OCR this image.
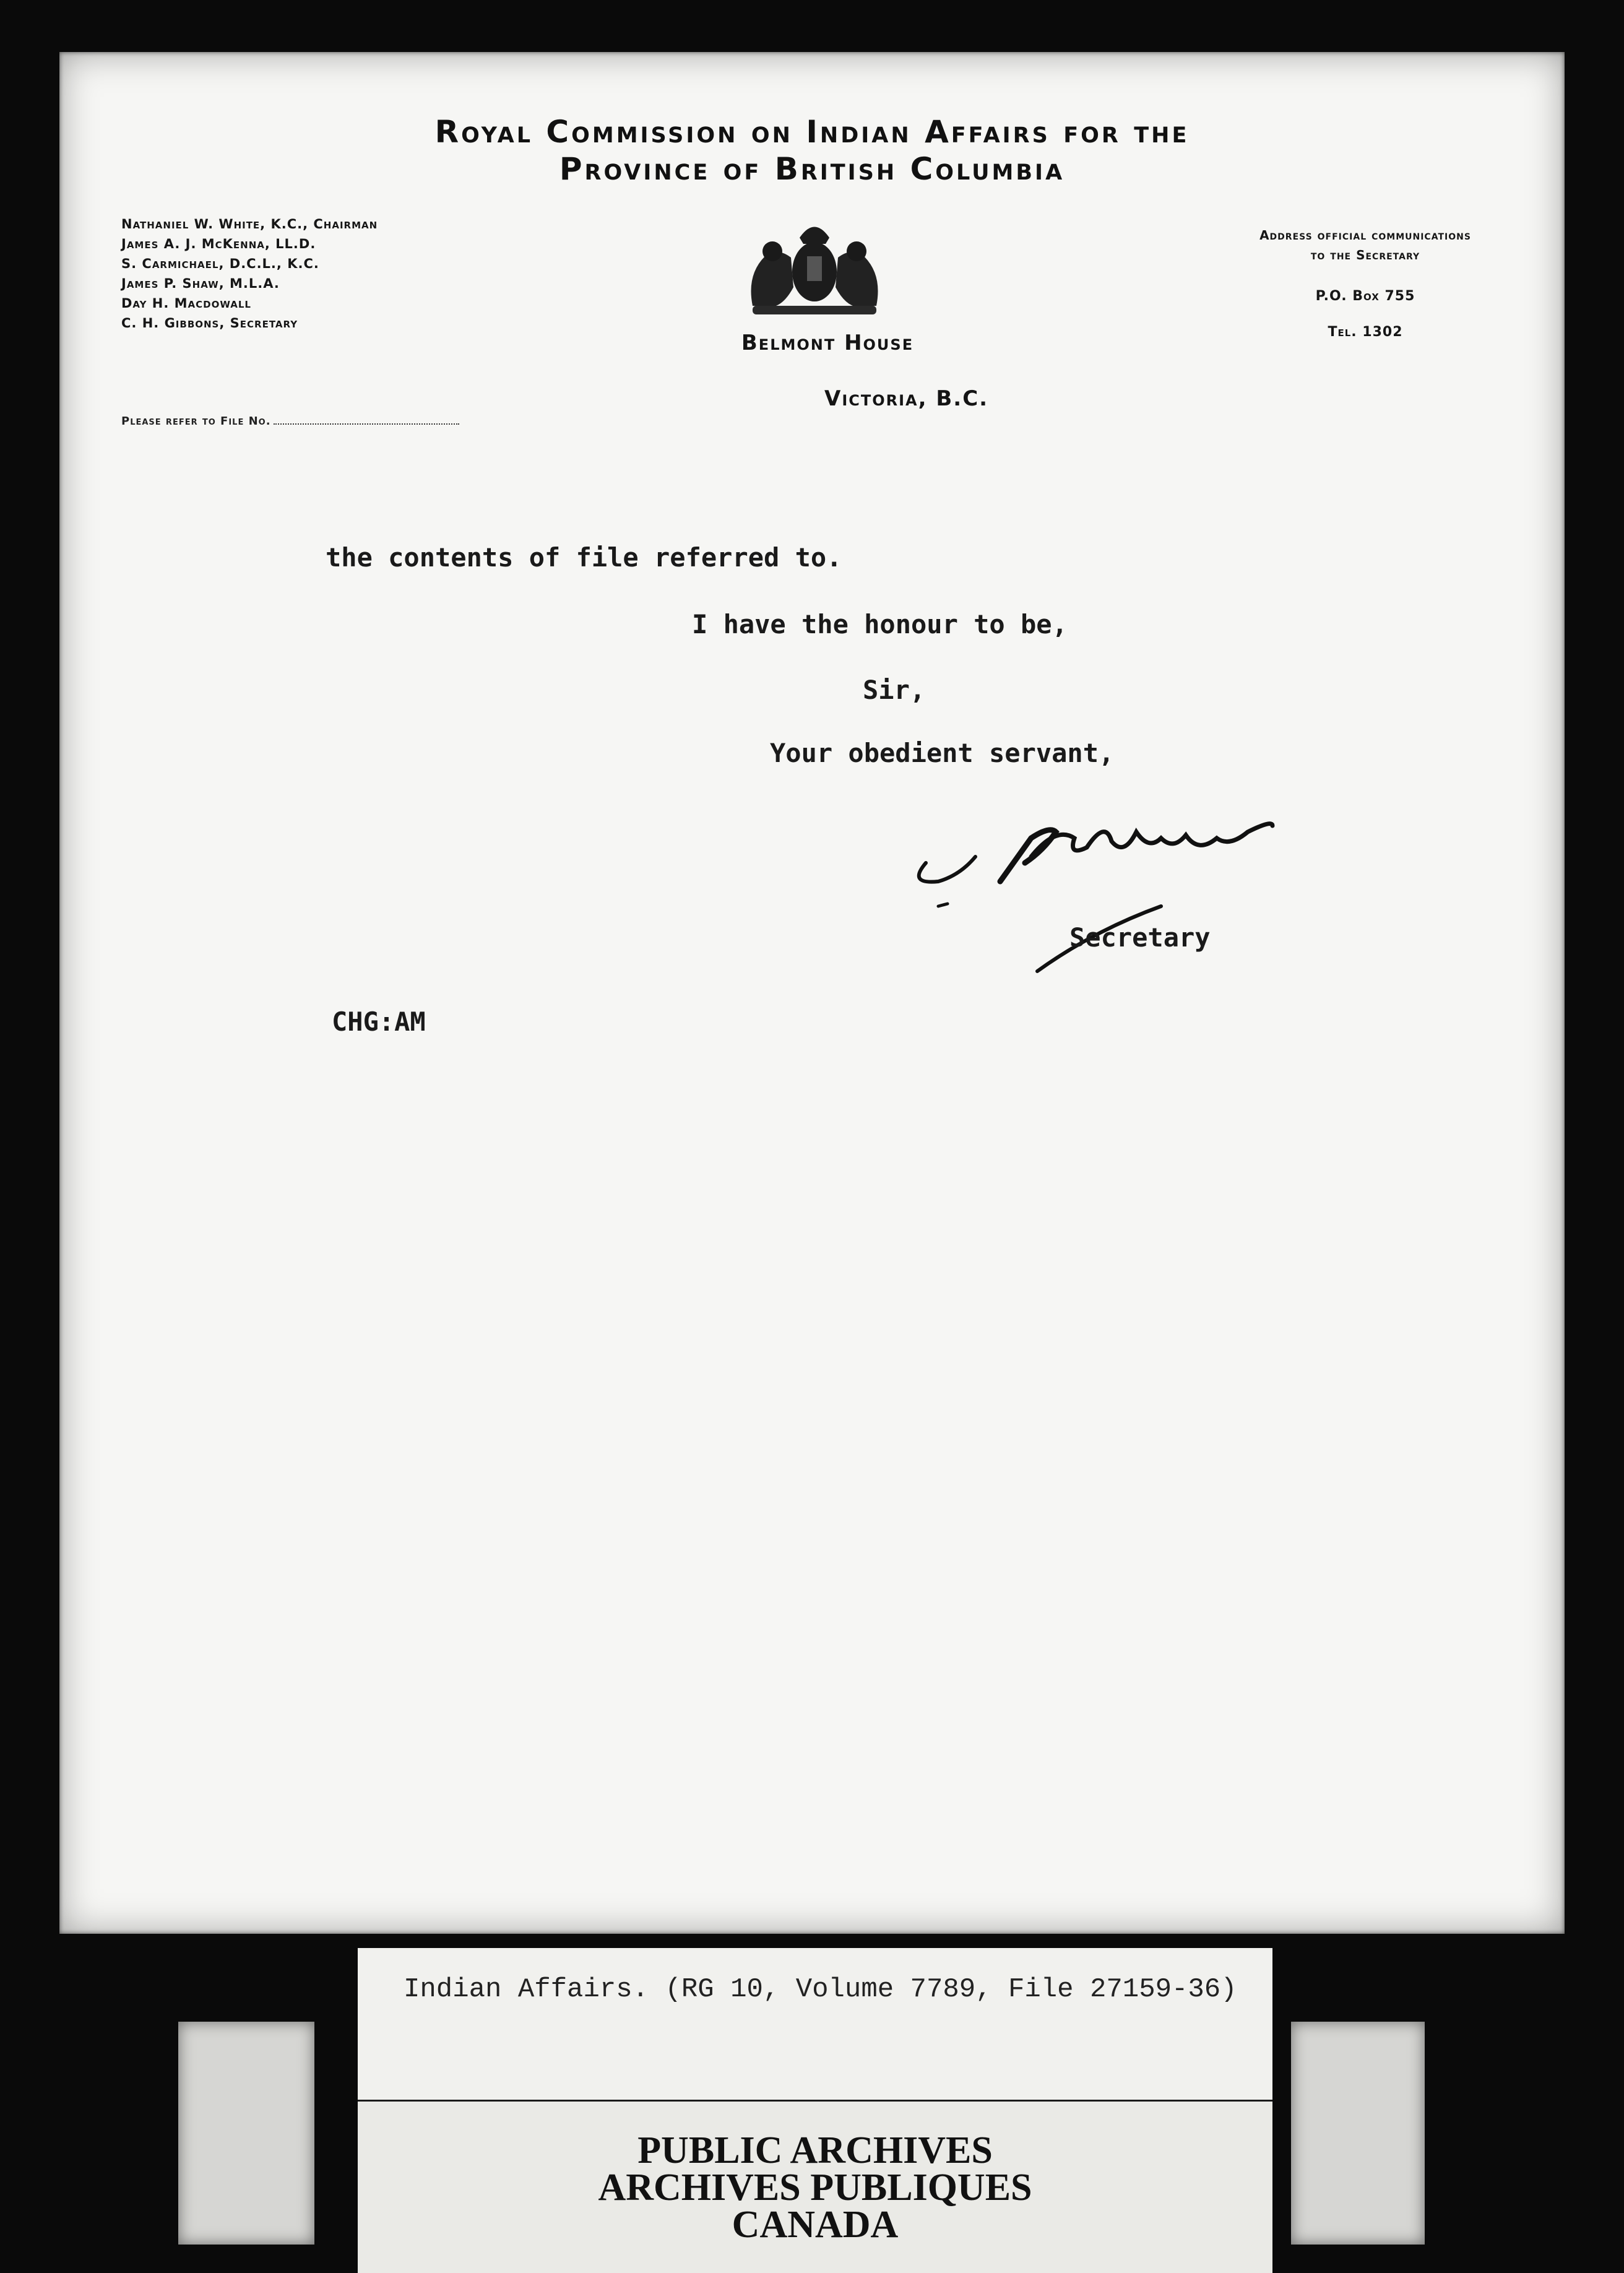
Royal Commission on Indian Affairs for the
Province of British Columbia
Nathaniel W. White, K.C., Chairman
James A. J. McKenna, LL.D.
S. Carmichael, D.C.L., K.C.
James P. Shaw, M.L.A.
Day H. Macdowall
C. H. Gibbons, Secretary
Address official communications
to the Secretary
P.O. Box 755
Tel. 1302
Belmont House
Victoria, B.C.
Please refer to File No.
the contents of file referred to.
I have the honour to be,
Sir,
Your obedient servant,
Secretary
CHG:AM
Indian Affairs. (RG 10, Volume 7789, File 27159-36)
PUBLIC ARCHIVES
ARCHIVES PUBLIQUES
CANADA
